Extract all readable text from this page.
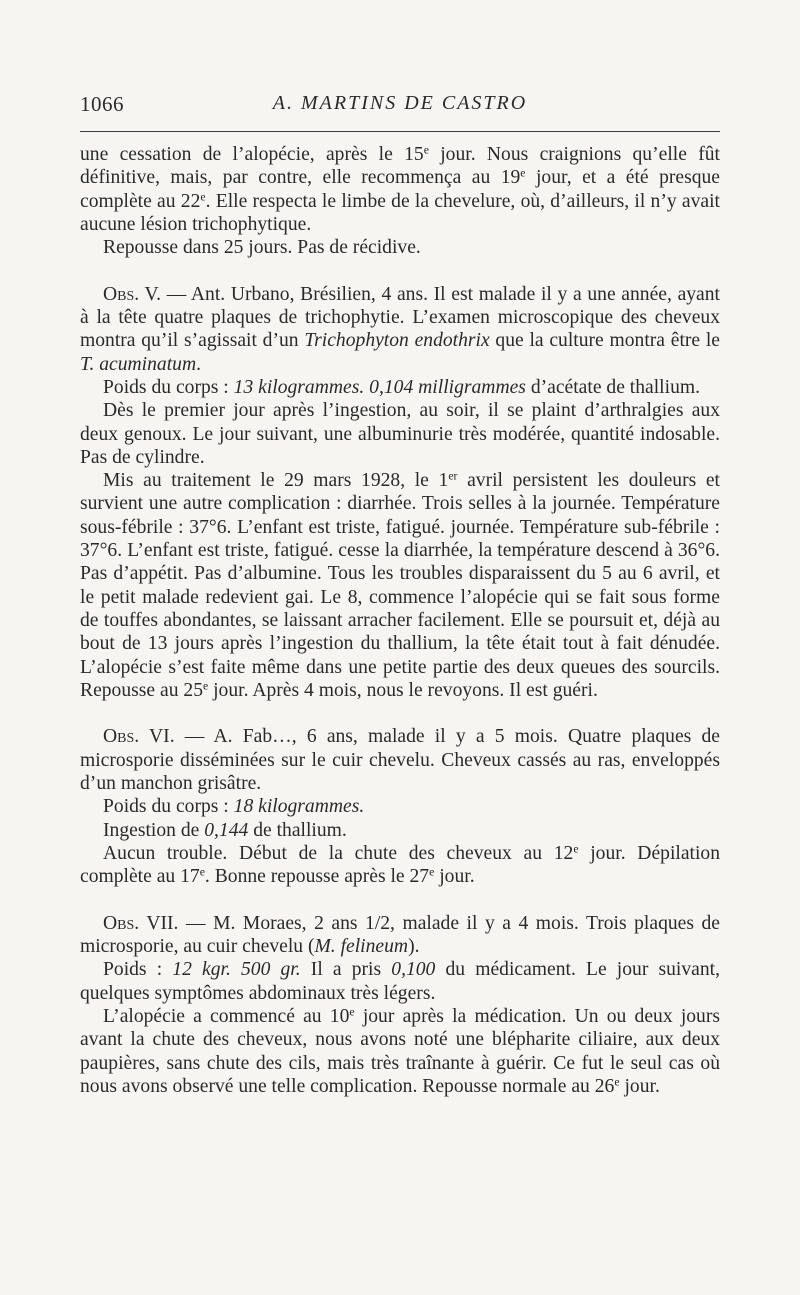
1066	A. MARTINS DE CASTRO

une cessation de l’alopécie, après le 15e jour. Nous craignions qu’elle fût définitive, mais, par contre, elle recommença au 19e jour, et a été presque complète au 22e. Elle respecta le limbe de la chevelure, où, d’ailleurs, il n’y avait aucune lésion trichophytique.

Repousse dans 25 jours. Pas de récidive.

Obs. V. — Ant. Urbano, Brésilien, 4 ans. Il est malade il y a une année, ayant à la tête quatre plaques de trichophytie. L’examen microscopique des cheveux montra qu’il s’agissait d’un Trichophyton endothrix que la culture montra être le T. acuminatum.

Poids du corps : 13 kilogrammes. 0,104 milligrammes d’acétate de thallium.

Dès le premier jour après l’ingestion, au soir, il se plaint d’arthralgies aux deux genoux. Le jour suivant, une albuminurie très modérée, quantité indosable. Pas de cylindre.

Mis au traitement le 29 mars 1928, le 1er avril persistent les douleurs et survient une autre complication : diarrhée. Trois selles à la journée. Température sous-fébrile : 37°6. L’enfant est triste, fatigué. journée. Température sub-fébrile : 37°6. L’enfant est triste, fatigué. cesse la diarrhée, la température descend à 36°6. Pas d’appétit. Pas d’albumine. Tous les troubles disparaissent du 5 au 6 avril, et le petit malade redevient gai. Le 8, commence l’alopécie qui se fait sous forme de touffes abondantes, se laissant arracher facilement. Elle se poursuit et, déjà au bout de 13 jours après l’ingestion du thallium, la tête était tout à fait dénudée. L’alopécie s’est faite même dans une petite partie des deux queues des sourcils. Repousse au 25e jour. Après 4 mois, nous le revoyons. Il est guéri.

Obs. VI. — A. Fab…, 6 ans, malade il y a 5 mois. Quatre plaques de microsporie disséminées sur le cuir chevelu. Cheveux cassés au ras, enveloppés d’un manchon grisâtre.

Poids du corps : 18 kilogrammes.

Ingestion de 0,144 de thallium.

Aucun trouble. Début de la chute des cheveux au 12e jour. Dépilation complète au 17e. Bonne repousse après le 27e jour.

Obs. VII. — M. Moraes, 2 ans 1/2, malade il y a 4 mois. Trois plaques de microsporie, au cuir chevelu (M. felineum).

Poids : 12 kgr. 500 gr. Il a pris 0,100 du médicament. Le jour suivant, quelques symptômes abdominaux très légers.

L’alopécie a commencé au 10e jour après la médication. Un ou deux jours avant la chute des cheveux, nous avons noté une blépharite ciliaire, aux deux paupières, sans chute des cils, mais très traînante à guérir. Ce fut le seul cas où nous avons observé une telle complication. Repousse normale au 26e jour.
